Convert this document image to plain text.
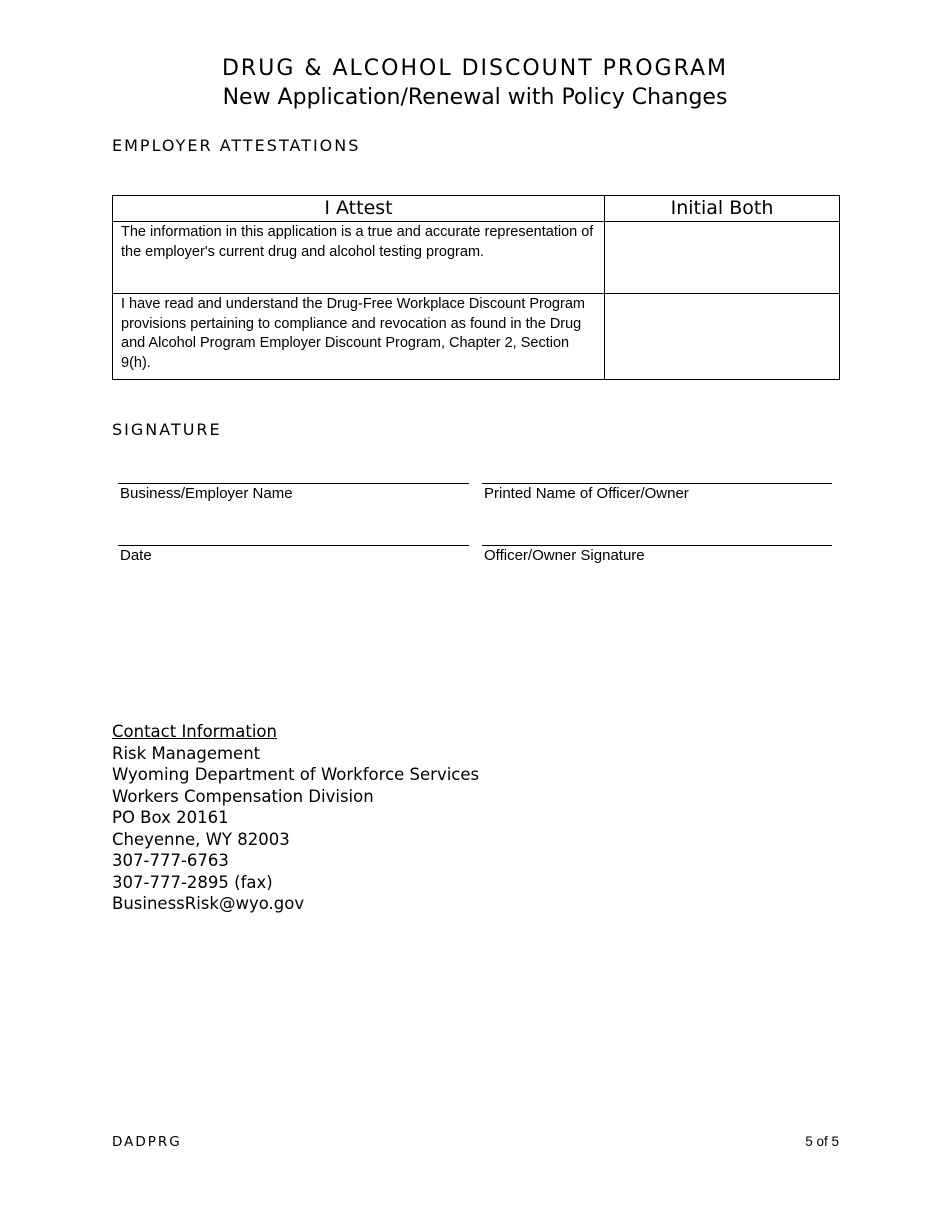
DRUG & ALCOHOL DISCOUNT PROGRAM
New Application/Renewal with Policy Changes
EMPLOYER ATTESTATIONS
I Attest	Initial Both
The information in this application is a true and accurate representation of the employer's current drug and alcohol testing program.	
I have read and understand the Drug-Free Workplace Discount Program provisions pertaining to compliance and revocation as found in the Drug and Alcohol Program Employer Discount Program, Chapter 2, Section 9(h).	
SIGNATURE
Business/Employer Name	Printed Name of Officer/Owner
Date	Officer/Owner Signature
Contact Information
Risk Management
Wyoming Department of Workforce Services
Workers Compensation Division
PO Box 20161
Cheyenne, WY 82003
307-777-6763
307-777-2895 (fax)
BusinessRisk@wyo.gov
DADPRG	5 of 5
